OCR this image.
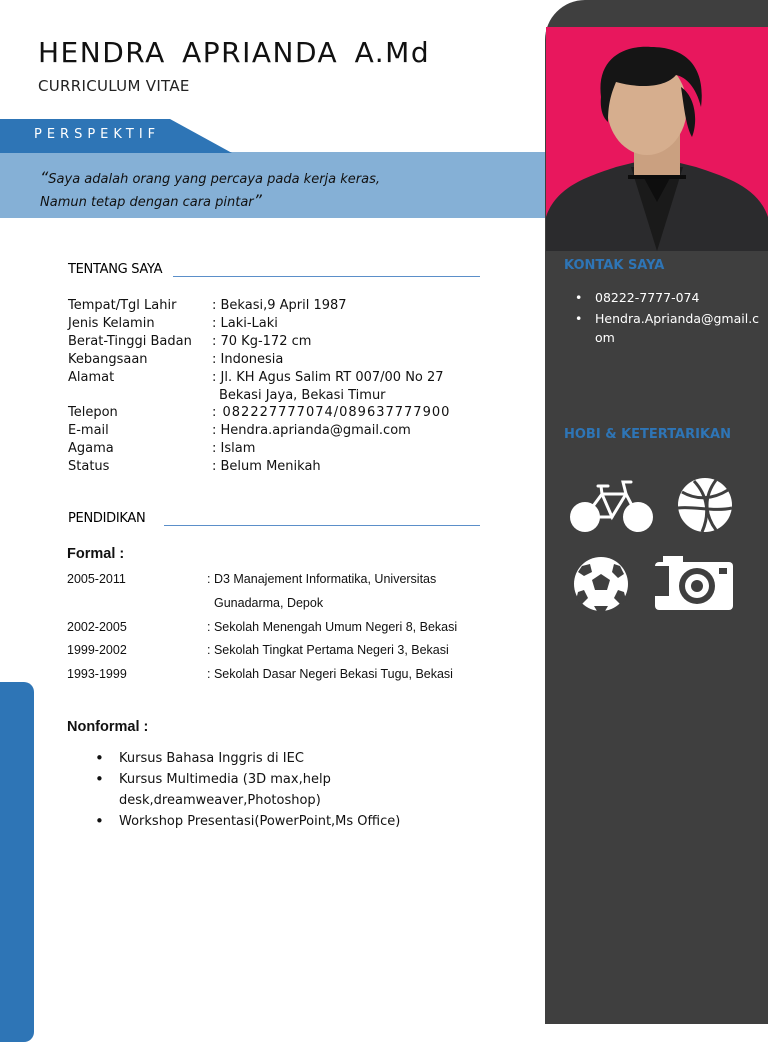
HENDRA APRIANDA A.Md
CURRICULUM VITAE
PERSPEKTIF
“Saya adalah orang yang percaya pada kerja keras,
Namun tetap dengan cara pintar”
TENTANG SAYA
Tempat/Tgl Lahir	: Bekasi,9 April 1987
Jenis Kelamin	: Laki-Laki
Berat-Tinggi Badan	: 70 Kg-172 cm
Kebangsaan	: Indonesia
Alamat	: Jl. KH Agus Salim RT 007/00 No 27
Bekasi Jaya, Bekasi Timur
Telepon	: 082227777074/089637777900
E-mail	: Hendra.aprianda@gmail.com
Agama	: Islam
Status	: Belum Menikah
PENDIDIKAN
Formal :
2005-2011	: D3 Manajement Informatika, Universitas
Gunadarma, Depok
2002-2005	: Sekolah Menengah Umum Negeri 8, Bekasi
1999-2002	: Sekolah Tingkat Pertama Negeri 3, Bekasi
1993-1999	: Sekolah Dasar Negeri Bekasi Tugu, Bekasi
Nonformal :
• Kursus Bahasa Inggris di IEC
• Kursus Multimedia (3D max,help desk,dreamweaver,Photoshop)
• Workshop Presentasi(PowerPoint,Ms Office)
KONTAK SAYA
• 08222-7777-074
• Hendra.Aprianda@gmail.com
HOBI & KETERTARIKAN
